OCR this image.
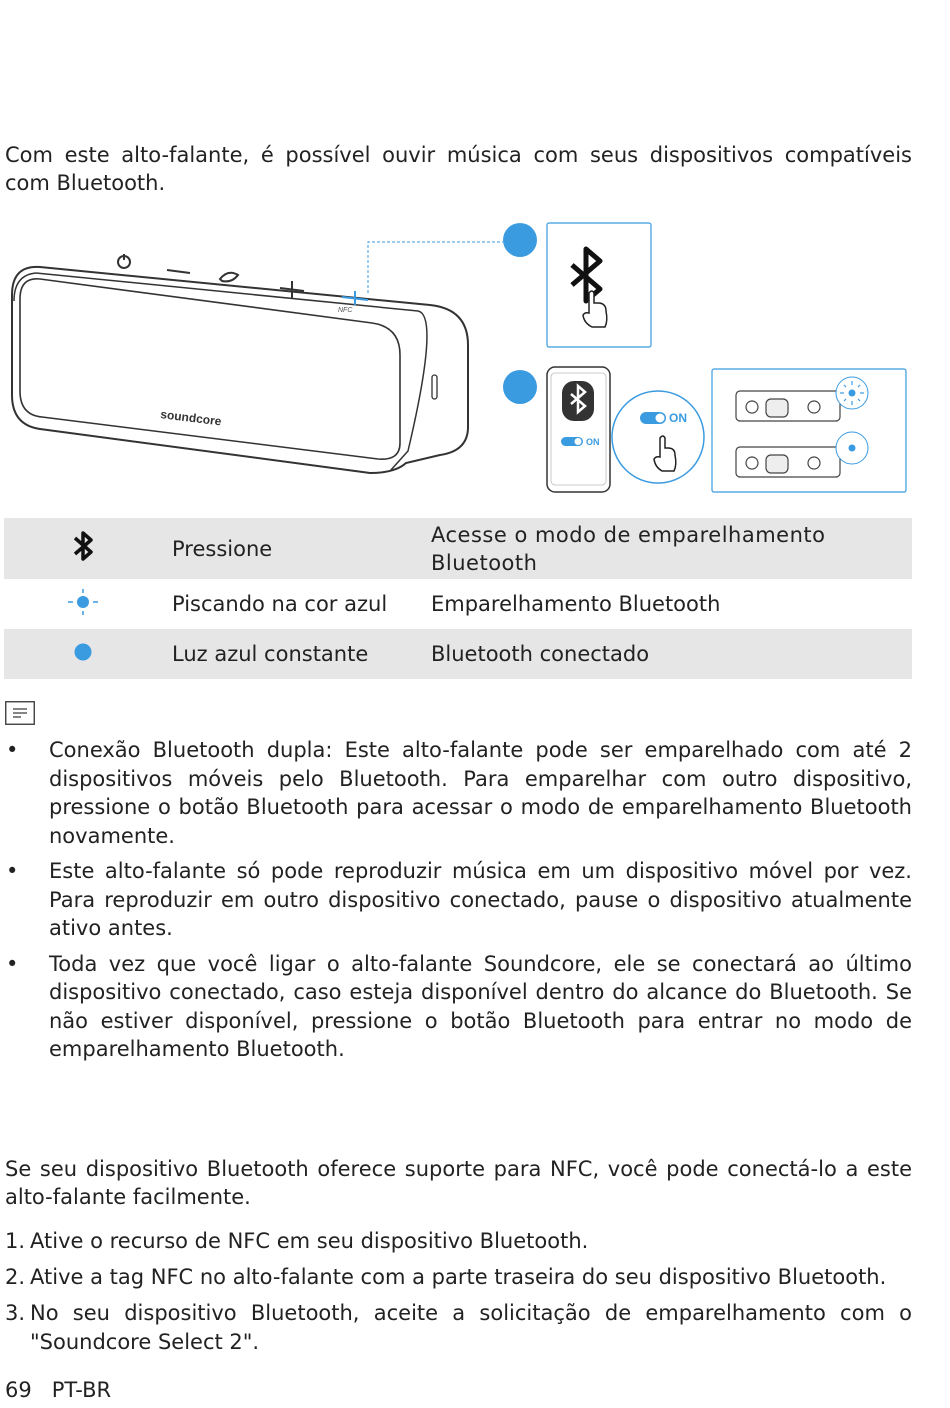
Com este alto-falante, é possível ouvir música com seus dispositivos compatíveis com Bluetooth.

NFC
soundcore
ON
ON
	Pressione	Acesse o modo de emparelhamento Bluetooth
	Piscando na cor azul	Emparelhamento Bluetooth
	Luz azul constante	Bluetooth conectado
• Conexão Bluetooth dupla: Este alto-falante pode ser emparelhado com até 2 dispositivos móveis pelo Bluetooth. Para emparelhar com outro dispositivo, pressione o botão Bluetooth para acessar o modo de emparelhamento Bluetooth novamente.
• Este alto-falante só pode reproduzir música em um dispositivo móvel por vez. Para reproduzir em outro dispositivo conectado, pause o dispositivo atualmente ativo antes.
• Toda vez que você ligar o alto-falante Soundcore, ele se conectará ao último dispositivo conectado, caso esteja disponível dentro do alcance do Bluetooth. Se não estiver disponível, pressione o botão Bluetooth para entrar no modo de emparelhamento Bluetooth.

Se seu dispositivo Bluetooth oferece suporte para NFC, você pode conectá-lo a este alto-falante facilmente.

1. Ative o recurso de NFC em seu dispositivo Bluetooth.
2. Ative a tag NFC no alto-falante com a parte traseira do seu dispositivo Bluetooth.
3. No seu dispositivo Bluetooth, aceite a solicitação de emparelhamento com o "Soundcore Select 2".
69 PT-BR
